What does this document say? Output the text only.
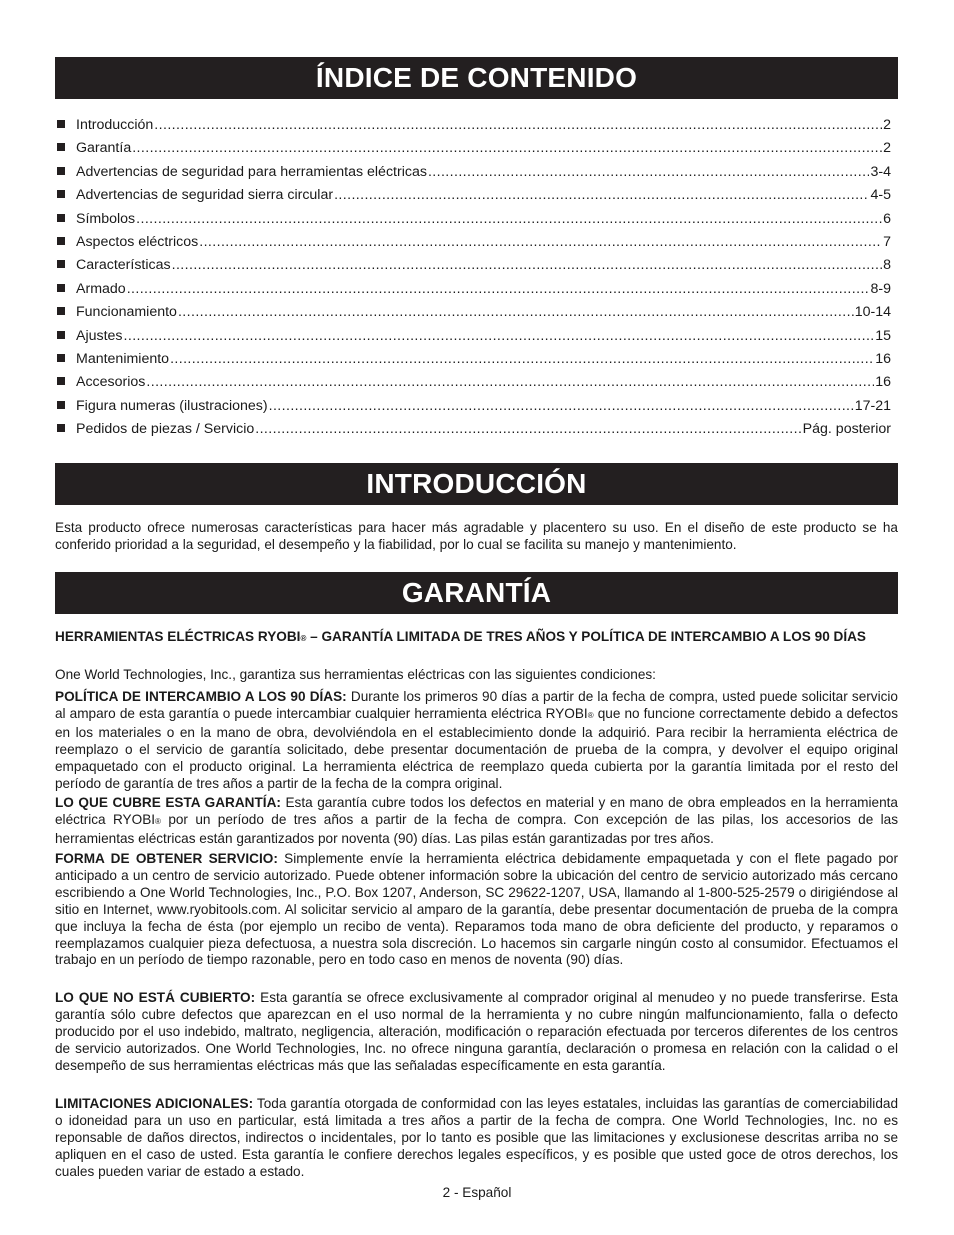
ÍNDICE DE CONTENIDO
Introducción .....	2
Garantía .....	2
Advertencias de seguridad para herramientas eléctricas .....	3-4
Advertencias de seguridad sierra circular .....	4-5
Símbolos .....	6
Aspectos eléctricos .....	7
Características .....	8
Armado .....	8-9
Funcionamiento .....	10-14
Ajustes .....	15
Mantenimiento .....	16
Accesorios .....	16
Figura numeras (ilustraciones) .....	17-21
Pedidos de piezas / Servicio .....	Pág. posterior
INTRODUCCIÓN

Esta producto ofrece numerosas características para hacer más agradable y placentero su uso. En el diseño de este producto se ha conferido prioridad a la seguridad, el desempeño y la fiabilidad, por lo cual se facilita su manejo y mantenimiento.

GARANTÍA

HERRAMIENTAS ELÉCTRICAS RYOBI® – GARANTÍA LIMITADA DE TRES AÑOS Y POLÍTICA DE INTERCAMBIO A LOS 90 DÍAS

One World Technologies, Inc., garantiza sus herramientas eléctricas con las siguientes condiciones:

POLÍTICA DE INTERCAMBIO A LOS 90 DÍAS: Durante los primeros 90 días a partir de la fecha de compra, usted puede solicitar servicio al amparo de esta garantía o puede intercambiar cualquier herramienta eléctrica RYOBI® que no funcione correctamente debido a defectos en los materiales o en la mano de obra, devolviéndola en el establecimiento donde la adquirió. Para recibir la herramienta eléctrica de reemplazo o el servicio de garantía solicitado, debe presentar documentación de prueba de la compra, y devolver el equipo original empaquetado con el producto original. La herramienta eléctrica de reemplazo queda cubierta por la garantía limitada por el resto del período de garantía de tres años a partir de la fecha de la compra original.

LO QUE CUBRE ESTA GARANTÍA: Esta garantía cubre todos los defectos en material y en mano de obra empleados en la herramienta eléctrica RYOBI® por un período de tres años a partir de la fecha de compra. Con excepción de las pilas, los accesorios de las herramientas eléctricas están garantizados por noventa (90) días. Las pilas están garantizadas por tres años.

FORMA DE OBTENER SERVICIO: Simplemente envíe la herramienta eléctrica debidamente empaquetada y con el flete pagado por anticipado a un centro de servicio autorizado. Puede obtener información sobre la ubicación del centro de servicio autorizado más cercano escribiendo a One World Technologies, Inc., P.O. Box 1207, Anderson, SC 29622-1207, USA, llamando al 1-800-525-2579 o dirigiéndose al sitio en Internet, www.ryobitools.com. Al solicitar servicio al amparo de la garantía, debe presentar documentación de prueba de la compra que incluya la fecha de ésta (por ejemplo un recibo de venta). Reparamos toda mano de obra deficiente del producto, y reparamos o reemplazamos cualquier pieza defectuosa, a nuestra sola discreción. Lo hacemos sin cargarle ningún costo al consumidor. Efectuamos el trabajo en un período de tiempo razonable, pero en todo caso en menos de noventa (90) días.

LO QUE NO ESTÁ CUBIERTO: Esta garantía se ofrece exclusivamente al comprador original al menudeo y no puede transferirse. Esta garantía sólo cubre defectos que aparezcan en el uso normal de la herramienta y no cubre ningún malfuncionamiento, falla o defecto producido por el uso indebido, maltrato, negligencia, alteración, modificación o reparación efectuada por terceros diferentes de los centros de servicio autorizados. One World Technologies, Inc. no ofrece ninguna garantía, declaración o promesa en relación con la calidad o el desempeño de sus herramientas eléctricas más que las señaladas específicamente en esta garantía.

LIMITACIONES ADICIONALES: Toda garantía otorgada de conformidad con las leyes estatales, incluidas las garantías de comerciabilidad o idoneidad para un uso en particular, está limitada a tres años a partir de la fecha de compra. One World Technologies, Inc. no es reponsable de daños directos, indirectos o incidentales, por lo tanto es posible que las limitaciones y exclusionese descritas arriba no se apliquen en el caso de usted. Esta garantía le confiere derechos legales específicos, y es posible que usted goce de otros derechos, los cuales pueden variar de estado a estado.

2 - Español
